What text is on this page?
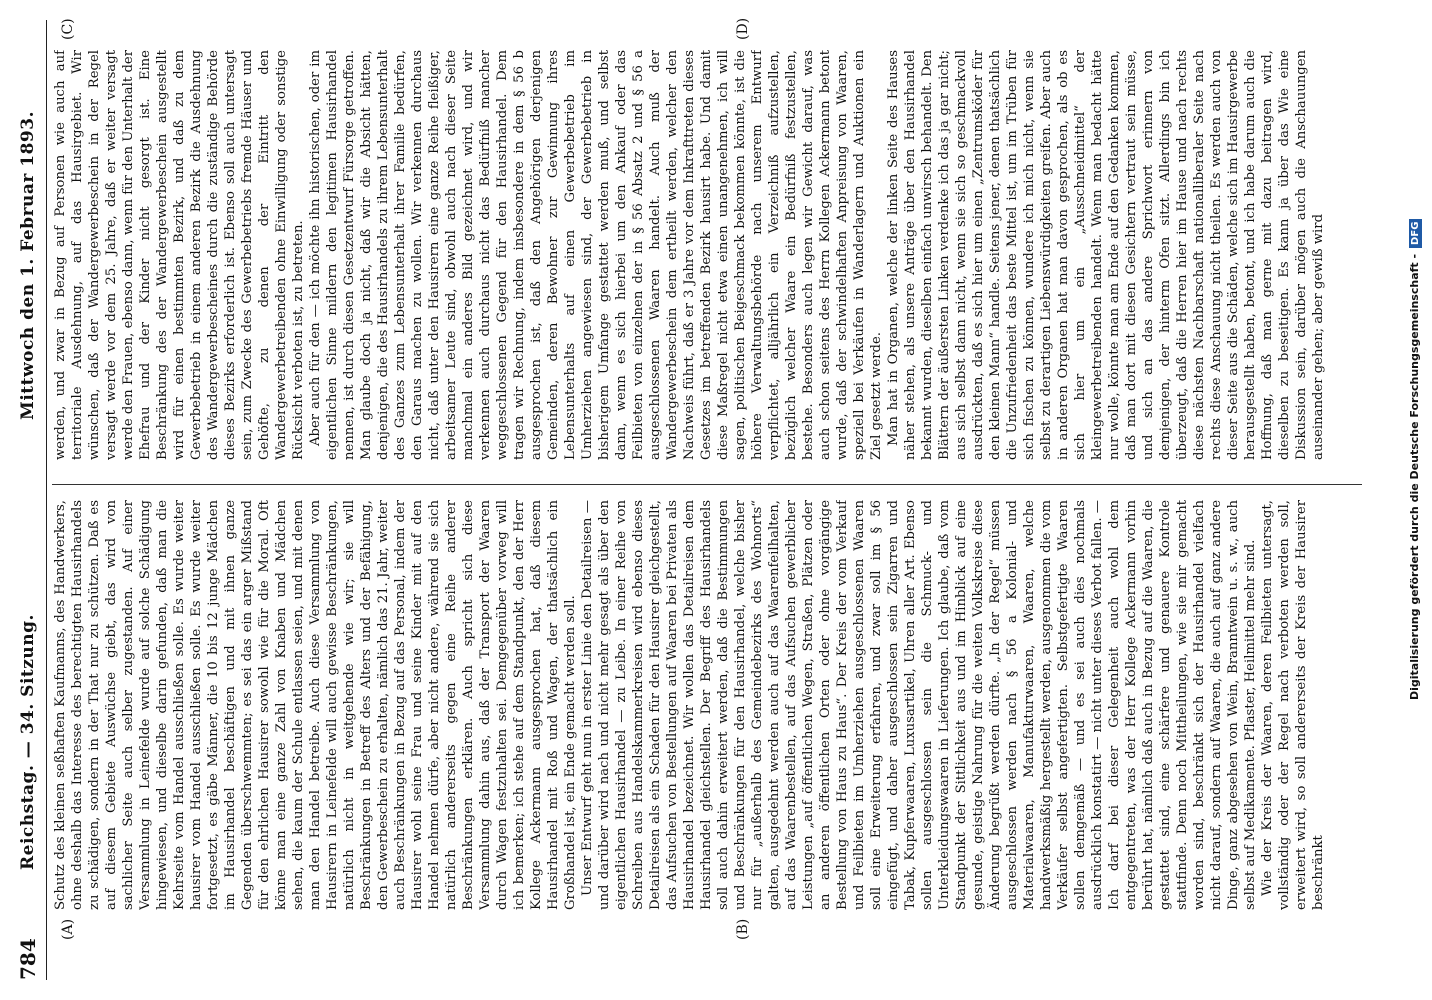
784
Reichstag. — 34. Sitzung.
Mittwoch den 1. Februar 1893.
(A)	(B)
(C)	(D)

Schutz des kleinen seßhaften Kaufmanns, des Handwerkers, ohne deshalb das Interesse des berechtigten Hausirhandels zu schädigen, sondern in der That nur zu schützen. Daß es auf diesem Gebiete Auswüchse giebt, das wird von sachlicher Seite auch selber zugestanden. Auf einer Versammlung in Leinefelde wurde auf solche Schädigung hingewiesen, und dieselbe darin gefunden, daß man die Kehrseite vom Handel ausschließen solle. Es wurde weiter hausirer vom Handel ausschließen solle. Es wurde weiter fortgesetzt, es gäbe Männer, die 10 bis 12 junge Mädchen im Hausirhandel beschäftigen und mit ihnen ganze Gegenden überschwemmten; es sei das ein arger Mißstand für den ehrlichen Hausirer sowohl wie für die Moral. Oft könne man eine ganze Zahl von Knaben und Mädchen sehen, die kaum der Schule entlassen seien, und mit denen man den Handel betreibe. Auch diese Versammlung von Hausirern in Leinefelde will auch gewisse Beschränkungen, natürlich nicht in weitgehende wie wir; sie will Beschränkungen in Betreff des Alters und der Befähigung, den Gewerbeschein zu erhalten, nämlich das 21. Jahr, weiter auch Beschränkungen in Bezug auf das Personal, indem der Hausirer wohl seine Frau und seine Kinder mit auf den Handel nehmen dürfe, aber nicht andere, während sie sich natürlich andererseits gegen eine Reihe anderer Beschränkungen erklären. Auch spricht sich diese Versammlung dahin aus, daß der Transport der Waaren durch Wagen festzuhalten sei. Demgegenüber vorweg will ich bemerken; ich stehe auf dem Standpunkt, den der Herr Kollege Ackermann ausgesprochen hat, daß diesem Hausirhandel mit Roß und Wagen, der thatsächlich ein Großhandel ist, ein Ende gemacht werden soll. Unser Entwurf geht nun in erster Linie den Detailreisen — und darüber wird nach und nicht mehr gesagt als über den eigentlichen Hausirhandel — zu Leibe. In einer Reihe von Schreiben aus Handelskammerkreisen wird ebenso dieses Detailreisen als ein Schaden für den Hausirer gleichgestellt, das Aufsuchen von Bestellungen auf Waaren bei Privaten als Hausirhandel bezeichnet. Wir wollen das Detailreisen dem Hausirhandel gleichstellen. Der Begriff des Hausirhandels soll auch dahin erweitert werden, daß die Bestimmungen und Beschränkungen für den Hausirhandel, welche bisher nur für „außerhalb des Gemeindebezirks des Wohnorts“ galten, ausgedehnt werden auch auf das Waarenfeilhalten, auf das Waarenbestellen, auf das Aufsuchen gewerblicher Leistungen „auf öffentlichen Wegen, Straßen, Plätzen oder an anderen öffentlichen Orten oder ohne vorgängige Bestellung von Haus zu Haus“. Der Kreis der vom Verkauf und Feilbieten im Umherziehen ausgeschlossenen Waaren soll eine Erweiterung erfahren, und zwar soll im § 56 eingefügt, und daher ausgeschlossen sein Zigarren und Tabak, Kupferwaaren, Luxusartikel, Uhren aller Art. Ebenso sollen ausgeschlossen sein die Schmuck- und Unterkleidungswaaren in Lieferungen. Ich glaube, daß vom Standpunkt der Sittlichkeit aus und im Hinblick auf eine gesunde, geistige Nahrung für die weiten Volkskreise diese Änderung begrüßt werden dürfte. „In der Regel“ müssen ausgeschlossen werden nach § 56 a Kolonial- und Materialwaaren, Manufakturwaaren, Waaren, welche handwerksmäßig hergestellt werden, ausgenommen die vom Verkäufer selbst angefertigten. Selbstgefertigte Waaren sollen demgemäß — und es sei auch dies nochmals ausdrücklich konstatirt — nicht unter dieses Verbot fallen. — Ich darf bei dieser Gelegenheit auch wohl dem entgegentreten, was der Herr Kollege Ackermann vorhin berührt hat, nämlich daß auch in Bezug auf die Waaren, die gestattet sind, eine schärfere und genauere Kontrole stattfinde. Denn noch Mittheilungen, wie sie mir gemacht worden sind, beschränkt sich der Hausirhandel vielfach nicht darauf, sondern auf Waaren, die auch auf ganz andere Dinge, ganz abgesehen von Wein, Branntwein u. s. w., auch selbst auf Medikamente. Pflaster, Heilmittel mehr sind. Wie der Kreis der Waaren, deren Feilbieten untersagt, vollständig oder der Regel nach verboten werden soll, erweitert wird, so soll andererseits der Kreis der Hausirer beschränkt

werden, und zwar in Bezug auf Personen wie auch auf territoriale Ausdehnung, auf das Hausirgebiet. Wir wünschen, daß der Wandergewerbeschein in der Regel versagt werde vor dem 25. Jahre, daß er weiter versagt werde den Frauen, ebenso dann, wenn für den Unterhalt der Ehefrau und der Kinder nicht gesorgt ist. Eine Beschränkung des der Wandergewerbeschein ausgestellt wird für einen bestimmten Bezirk, und daß zu dem Gewerbebetrieb in einem anderen Bezirk die Ausdehnung des Wandergewerbescheines durch die zuständige Behörde dieses Bezirks erforderlich ist. Ebenso soll auch untersagt sein, zum Zwecke des Gewerbebetriebs fremde Häuser und Gehöfte, zu denen der Eintritt den Wandergewerbetreibenden ohne Einwilligung oder sonstige Rücksicht verboten ist, zu betreten. Aber auch für den — ich möchte ihn historischen, oder im eigentlichen Sinne mildern den legitimen Hausirhandel nennen, ist durch diesen Gesetzentwurf Fürsorge getroffen. Man glaube doch ja nicht, daß wir die Absicht hätten, denjenigen, die des Hausirhandels zu ihrem Lebensunterhalt des Ganzes zum Lebensunterhalt ihrer Familie bedürfen, den Garaus machen zu wollen. Wir verkennen durchaus nicht, daß unter den Hausirern eine ganze Reihe fleißiger, arbeitsamer Leute sind, obwohl auch nach dieser Seite manchmal ein anderes Bild gezeichnet wird, und wir verkennen auch durchaus nicht das Bedürfniß mancher weggeschlossenen Gegend für den Hausirhandel. Dem tragen wir Rechnung, indem insbesondere in dem § 56 b ausgesprochen ist, daß den Angehörigen derjenigen Gemeinden, deren Bewohner zur Gewinnung ihres Lebensunterhalts auf einen Gewerbebetrieb im Umherziehen angewiesen sind, der Gewerbebetrieb in bisherigem Umfange gestattet werden muß, und selbst dann, wenn es sich hierbei um den Ankauf oder das Feilbieten von einzelnen der in § 56 Absatz 2 und § 56 a ausgeschlossenen Waaren handelt. Auch muß der Wandergewerbeschein dem ertheilt werden, welcher den Nachweis führt, daß er 3 Jahre vor dem Inkrafttreten dieses Gesetzes im betreffenden Bezirk hausirt habe. Und damit diese Maßregel nicht etwa einen unangenehmen, ich will sagen, politischen Beigeschmack bekommen könnte, ist die höhere Verwaltungsbehörde nach unserem Entwurf verpflichtet, alljährlich ein Verzeichniß aufzustellen, bezüglich welcher Waare ein Bedürfniß festzustellen, bestehe. Besonders auch legen wir Gewicht darauf, was auch schon seitens des Herrn Kollegen Ackermann betont wurde, daß der schwindelhaften Anpreisung von Waaren, speziell bei Verkäufen in Wanderlagern und Auktionen ein Ziel gesetzt werde. Man hat in Organen, welche der linken Seite des Hauses näher stehen, als unsere Anträge über den Hausirhandel bekannt wurden, dieselben einfach unwirsch behandelt. Den Blättern der äußersten Linken verdenke ich das ja gar nicht; aus sich selbst dann nicht, wenn sie sich so geschmackvoll ausdrückten, daß es sich hier um einen „Zentrumsköder für den kleinen Mann“ handle. Seitens jener, denen thatsächlich die Unzufriedenheit das beste Mittel ist, um im Trüben für sich fischen zu können, wundere ich mich nicht, wenn sie selbst zu derartigen Liebenswürdigkeiten greifen. Aber auch in anderen Organen hat man davon gesprochen, als ob es sich hier um ein „Ausschneidmittel“ der kleingewerbetreibenden handelt. Wenn man bedacht hätte nur wolle, könnte man am Ende auf den Gedanken kommen, daß man dort mit diesen Gesichtern vertraut sein müsse, und sich an das andere Sprichwort erinnern von demjenigen, der hinterm Ofen sitzt. Allerdings bin ich überzeugt, daß die Herren hier im Hause und nach rechts diese nächsten Nachbarschaft nationalliberaler Seite nach rechts diese Anschauung nicht theilen. Es werden auch von dieser Seite aus die Schäden, welche sich im Hausirgewerbe herausgestellt haben, betont, und ich habe darum auch die Hoffnung, daß man gerne mit dazu beitragen wird, dieselben zu beseitigen. Es kann ja über das Wie eine Diskussion sein, darüber mögen auch die Anschauungen auseinander gehen; aber gewiß wird	Digitalisierung gefördert durch die Deutsche Forschungsgemeinschaft -DFG
